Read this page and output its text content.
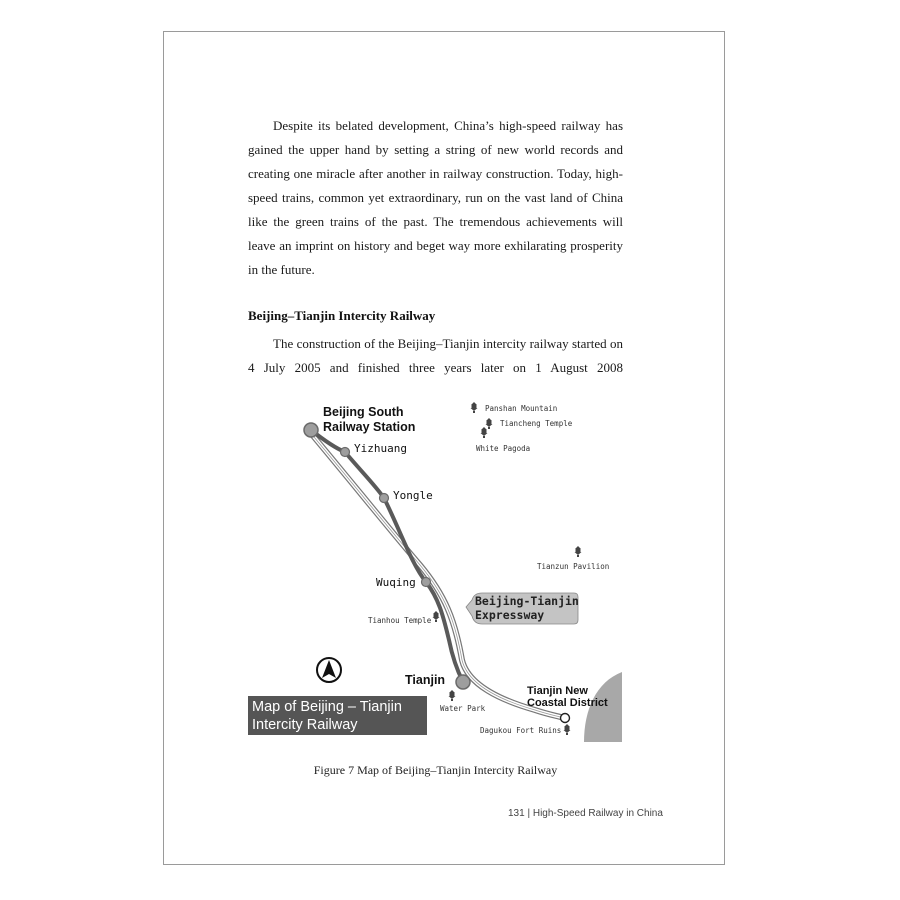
Despite its belated development, China’s high-speed railway has gained the upper hand by setting a string of new world records and creating one miracle after another in railway construction. Today, high-speed trains, common yet extraordinary, run on the vast land of China like the green trains of the past. The tremendous achievements will leave an imprint on history and beget way more exhilarating prosperity in the future.

Beijing–Tianjin Intercity Railway

The construction of the Beijing–Tianjin intercity railway started on 4 July 2005 and finished three years later on 1 August 2008

Beijing South
Railway Station
Yizhuang
Yongle
Wuqing
Tianjin
Tianjin New
Coastal District
Panshan Mountain
Tiancheng Temple
White Pagoda
Tianzun Pavilion
Tianhou Temple
Water Park
Dagukou Fort Ruins
Beijing-Tianjin
Expressway
Map of Beijing – Tianjin
Intercity Railway

Figure 7 Map of Beijing–Tianjin Intercity Railway

131 | High-Speed Railway in China
